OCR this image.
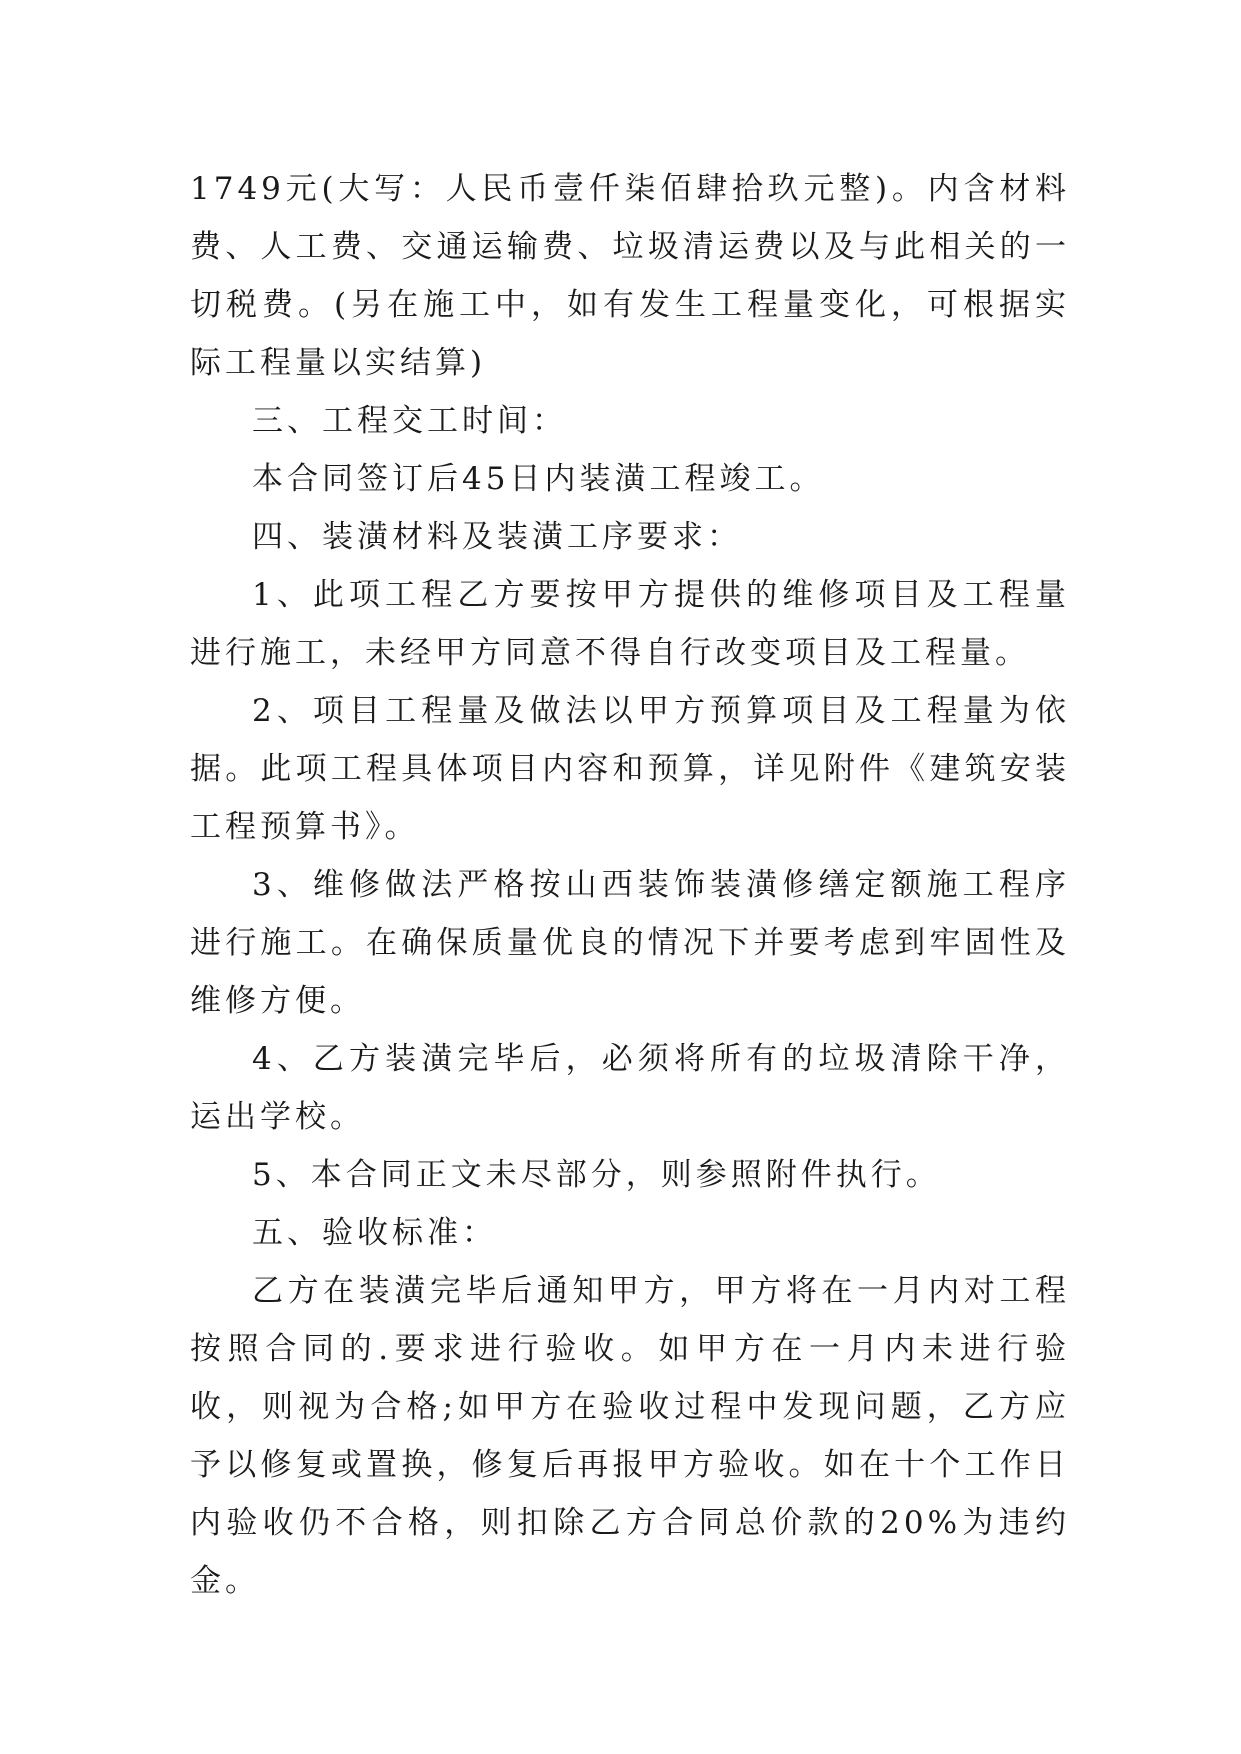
1749元(大写：人民币壹仟柒佰肆拾玖元整)。内含材料费、人工费、交通运输费、垃圾清运费以及与此相关的一切税费。(另在施工中，如有发生工程量变化，可根据实际工程量以实结算)

三、工程交工时间：

本合同签订后45日内装潢工程竣工。

四、装潢材料及装潢工序要求：

1、此项工程乙方要按甲方提供的维修项目及工程量进行施工，未经甲方同意不得自行改变项目及工程量。

2、项目工程量及做法以甲方预算项目及工程量为依据。此项工程具体项目内容和预算，详见附件《建筑安装工程预算书》。

3、维修做法严格按山西装饰装潢修缮定额施工程序进行施工。在确保质量优良的情况下并要考虑到牢固性及维修方便。

4、乙方装潢完毕后，必须将所有的垃圾清除干净，运出学校。

5、本合同正文未尽部分，则参照附件执行。

五、验收标准：

乙方在装潢完毕后通知甲方，甲方将在一月内对工程按照合同的.要求进行验收。如甲方在一月内未进行验收，则视为合格;如甲方在验收过程中发现问题，乙方应予以修复或置换，修复后再报甲方验收。如在十个工作日内验收仍不合格，则扣除乙方合同总价款的20%为违约金。
